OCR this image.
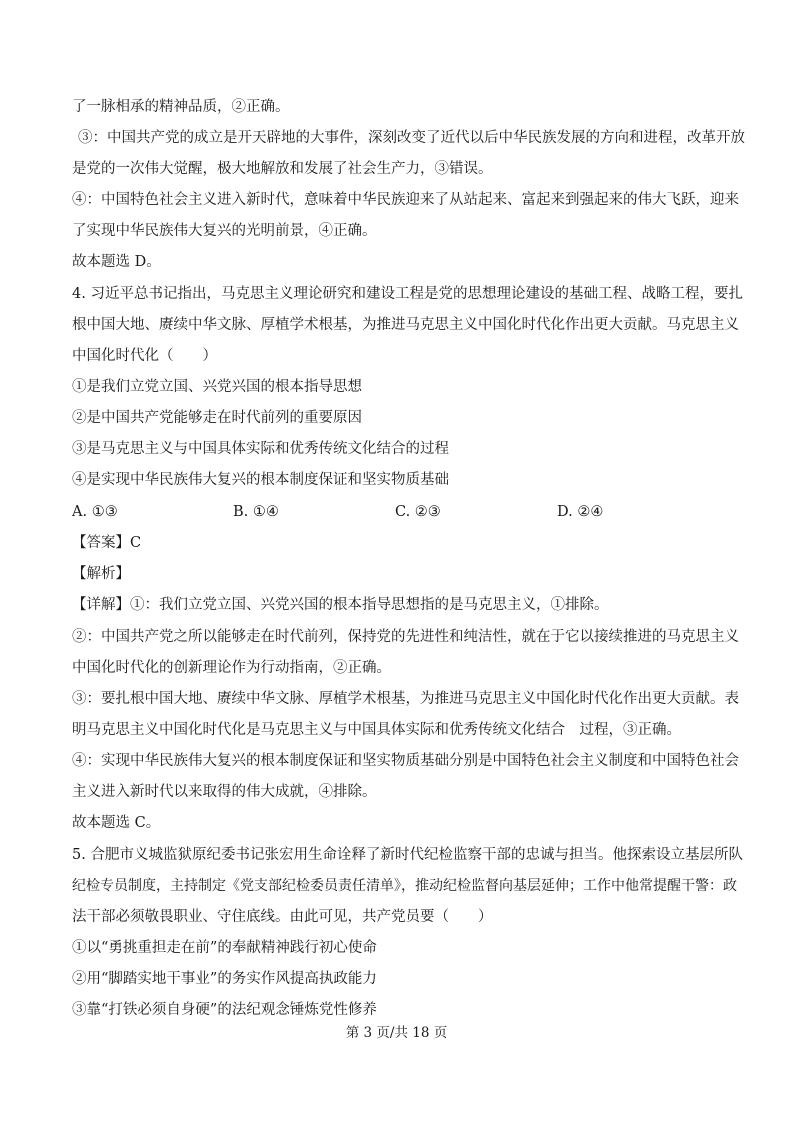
了一脉相承的精神品质，②正确。
③：中国共产党的成立是开天辟地的大事件，深刻改变了近代以后中华民族发展的方向和进程，改革开放
是党的一次伟大觉醒，极大地解放和发展了社会生产力，③错误。
④：中国特色社会主义进入新时代，意味着中华民族迎来了从站起来、富起来到强起来的伟大飞跃，迎来
了实现中华民族伟大复兴的光明前景，④正确。
故本题选 D。
4. 习近平总书记指出，马克思主义理论研究和建设工程是党的思想理论建设的基础工程、战略工程，要扎
根中国大地、赓续中华文脉、厚植学术根基，为推进马克思主义中国化时代化作出更大贡献。马克思主义
中国化时代化（　　）
①是我们立党立国、兴党兴国的根本指导思想
②是中国共产党能够走在时代前列的重要原因
③是马克思主义与中国具体实际和优秀传统文化结合的过程
④是实现中华民族伟大复兴的根本制度保证和坚实物质基础
A. ①③	B. ①④	C. ②③	D. ②④
【答案】C
【解析】
【详解】①：我们立党立国、兴党兴国的根本指导思想指的是马克思主义，①排除。
②：中国共产党之所以能够走在时代前列，保持党的先进性和纯洁性，就在于它以接续推进的马克思主义
中国化时代化的创新理论作为行动指南，②正确。
③：要扎根中国大地、赓续中华文脉、厚植学术根基，为推进马克思主义中国化时代化作出更大贡献。表
明马克思主义中国化时代化是马克思主义与中国具体实际和优秀传统文化结合　过程，③正确。
④：实现中华民族伟大复兴的根本制度保证和坚实物质基础分别是中国特色社会主义制度和中国特色社会
主义进入新时代以来取得的伟大成就，④排除。
故本题选 C。
5. 合肥市义城监狱原纪委书记张宏用生命诠释了新时代纪检监察干部的忠诚与担当。他探索设立基层所队
纪检专员制度，主持制定《党支部纪检委员责任清单》，推动纪检监督向基层延伸；工作中他常提醒干警：政
法干部必须敬畏职业、守住底线。由此可见，共产党员要（　　）
①以“勇挑重担走在前”的奉献精神践行初心使命
②用“脚踏实地干事业”的务实作风提高执政能力
③靠“打铁必须自身硬”的法纪观念锤炼党性修养
第 3 页/共 18 页
